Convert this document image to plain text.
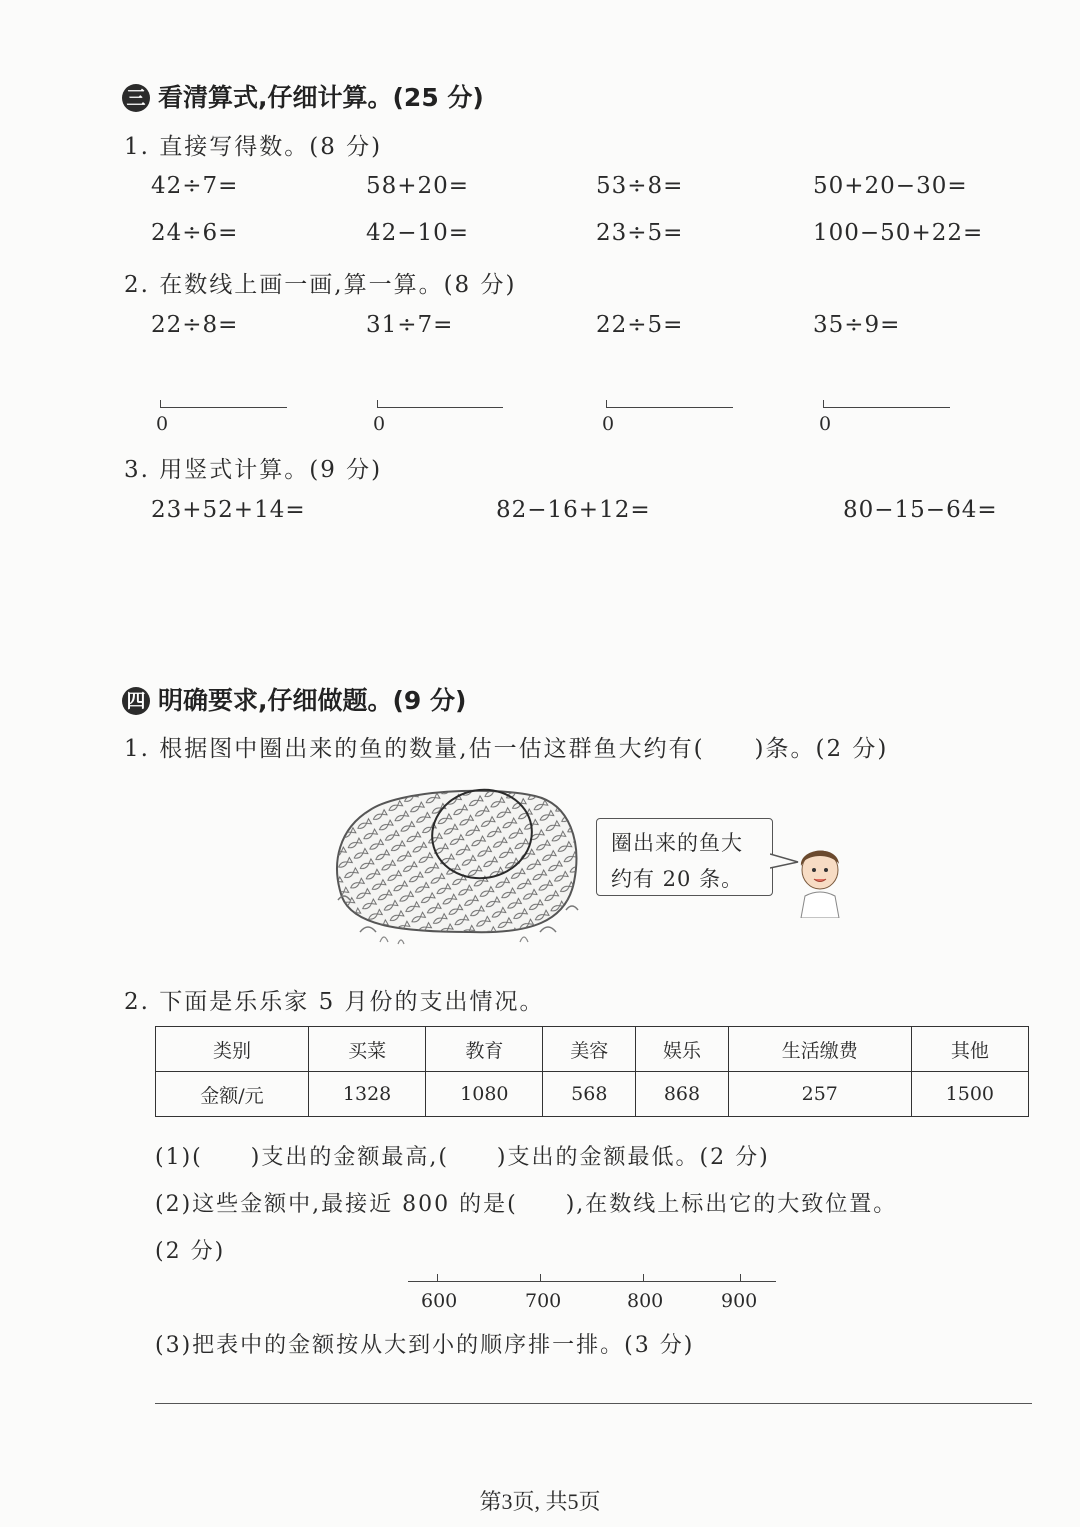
三 看清算式,仔细计算。(25 分)
1. 直接写得数。(8 分)
42÷7=	58+20=	53÷8=	50+20−30=
24÷6=	42−10=	23÷5=	100−50+22=
2. 在数线上画一画,算一算。(8 分)
22÷8=	31÷7=	22÷5=	35÷9=
0	0	0	0
3. 用竖式计算。(9 分)
23+52+14=	82−16+12=	80−15−64=
四 明确要求,仔细做题。(9 分)
1. 根据图中圈出来的鱼的数量,估一估这群鱼大约有(　　)条。(2 分)
圈出来的鱼大
约有 20 条。
2. 下面是乐乐家 5 月份的支出情况。
类别	买菜	教育	美容	娱乐	生活缴费	其他
金额/元	1328	1080	568	868	257	1500
(1)(　　)支出的金额最高,(　　)支出的金额最低。(2 分)
(2)这些金额中,最接近 800 的是(　　),在数线上标出它的大致位置。
(2 分)
600	700	800	900
(3)把表中的金额按从大到小的顺序排一排。(3 分)
第3页, 共5页
